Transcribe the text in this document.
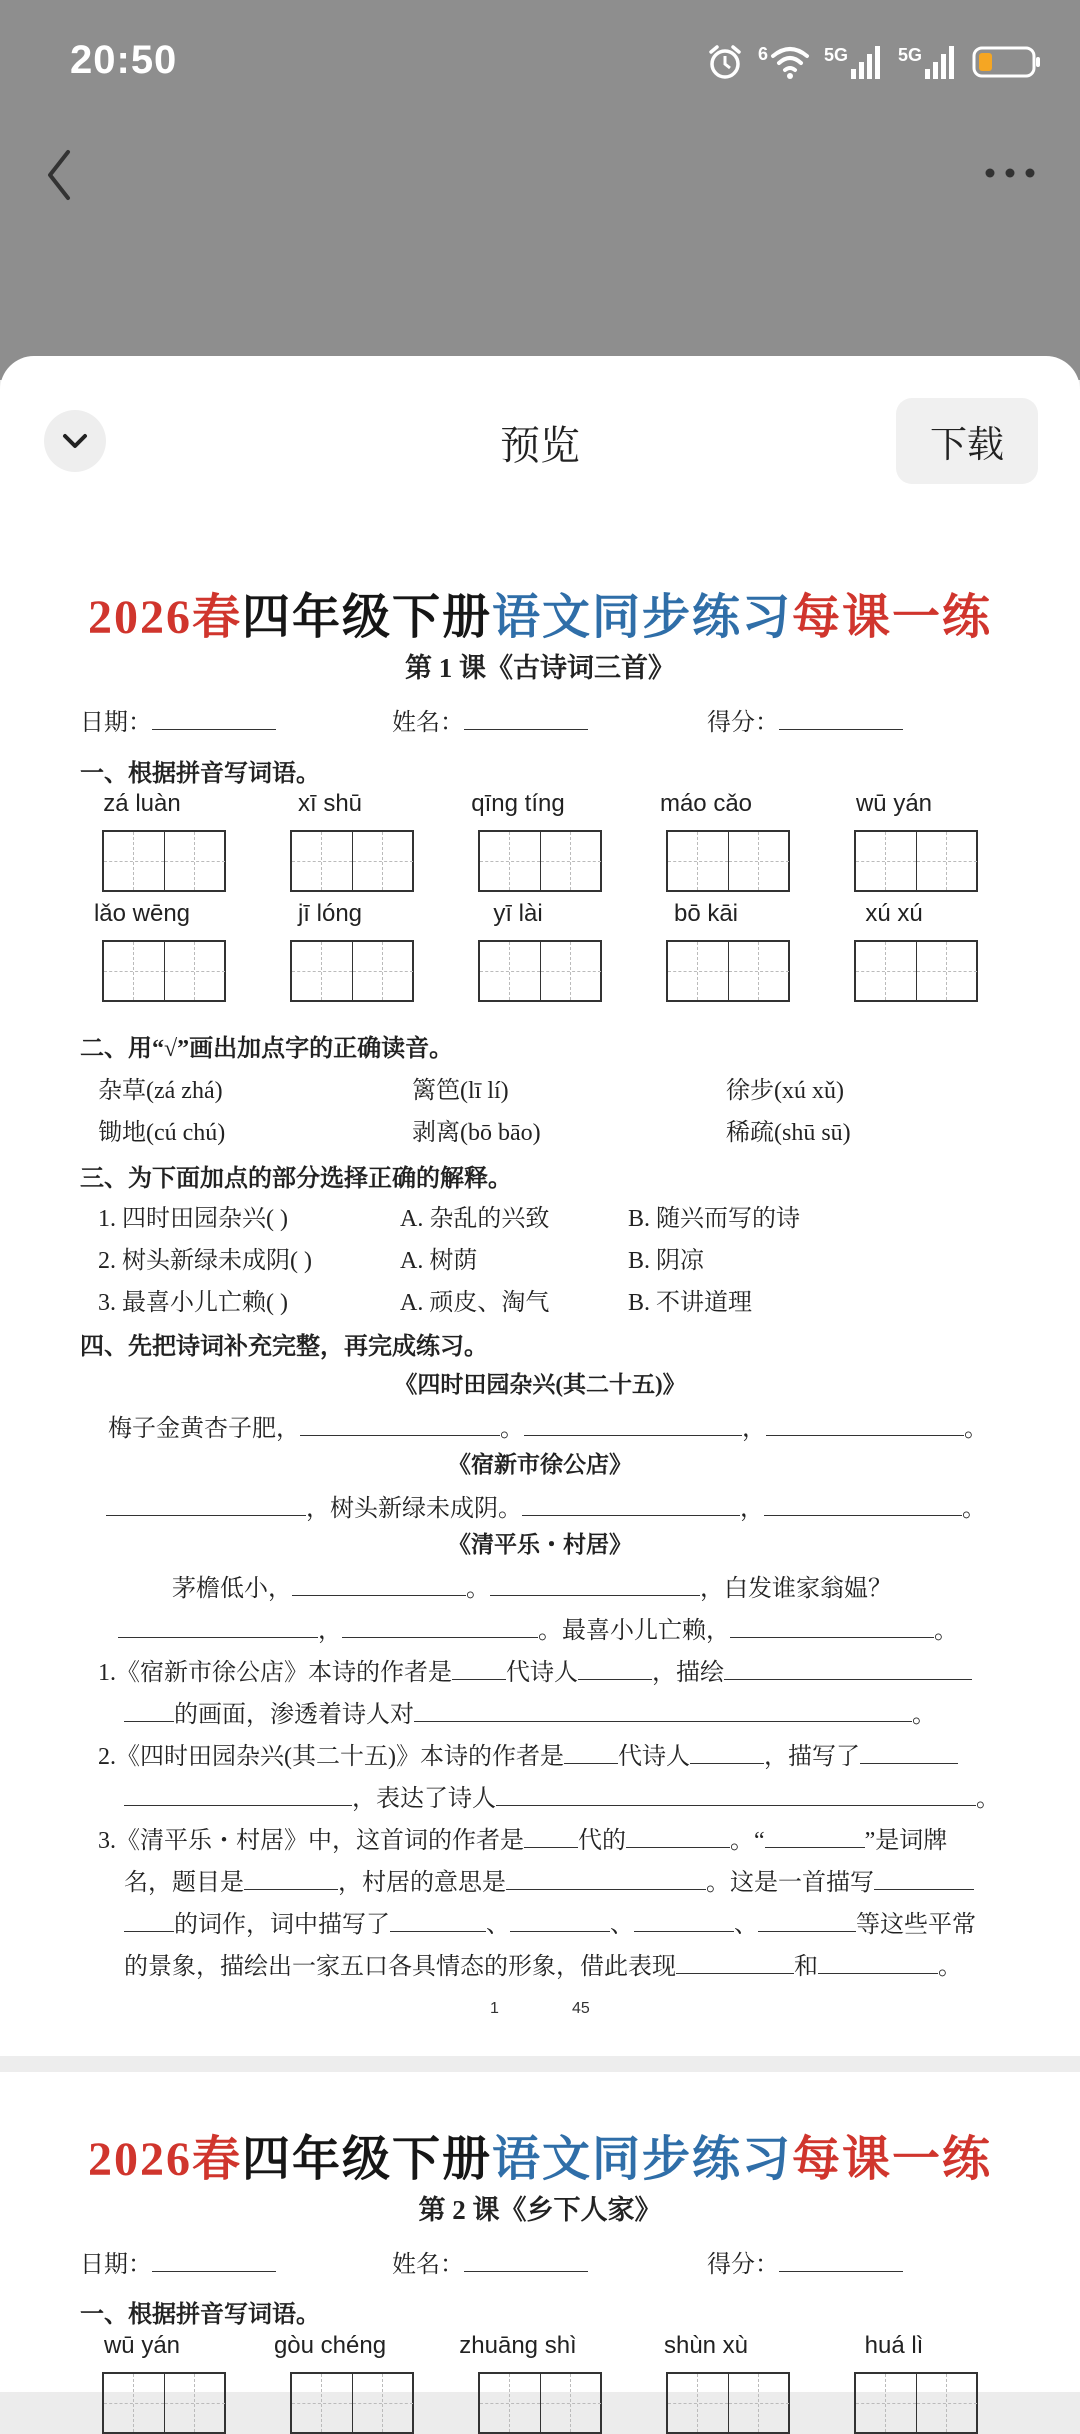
20:50	6	5G	5G
预览	下载
2026春四年级下册语文同步练习每课一练
第 1 课《古诗词三首》
日期：	姓名：	得分：
一、根据拼音写词语。
zá luàn	xī shū	qīng tíng	máo cǎo	wū yán
lǎo wēng	jī lóng	yī lài	bō kāi	xú xú
二、用“√”画出加点字的正确读音。
杂草(zá zhá)	篱笆(lī lí)	徐步(xú xǔ)
锄地(cú chú)	剥离(bō bāo)	稀疏(shū sū)
三、为下面加点的部分选择正确的解释。
1. 四时田园杂兴( )	A. 杂乱的兴致	B. 随兴而写的诗
2. 树头新绿未成阴( )	A. 树荫	B. 阴凉
3. 最喜小儿亡赖( )	A. 顽皮、淘气	B. 不讲道理
四、先把诗词补充完整，再完成练习。
《四时田园杂兴(其二十五)》
梅子金黄杏子肥，	。	，	。
《宿新市徐公店》
，树头新绿未成阴。	，	。
《清平乐・村居》
茅檐低小，	。	，白发谁家翁媪？
，	。最喜小儿亡赖，	。
1.《宿新市徐公店》本诗的作者是 代诗人	，描绘
的画面，渗透着诗人对	。
2.《四时田园杂兴(其二十五)》本诗的作者是 代诗人	，描写了
，表达了诗人	。
3.《清平乐・村居》中，这首词的作者是 代的	。“	”是词牌
名，题目是	，村居的意思是	。这是一首描写
的词作，词中描写了	、	、	、	等这些平常
的景象，描绘出一家五口各具情态的形象，借此表现	和	。
1	45
2026春四年级下册语文同步练习每课一练
第 2 课《乡下人家》
日期：	姓名：	得分：
一、根据拼音写词语。
wū yán	gòu chéng	zhuāng shì	shùn xù	huá lì
